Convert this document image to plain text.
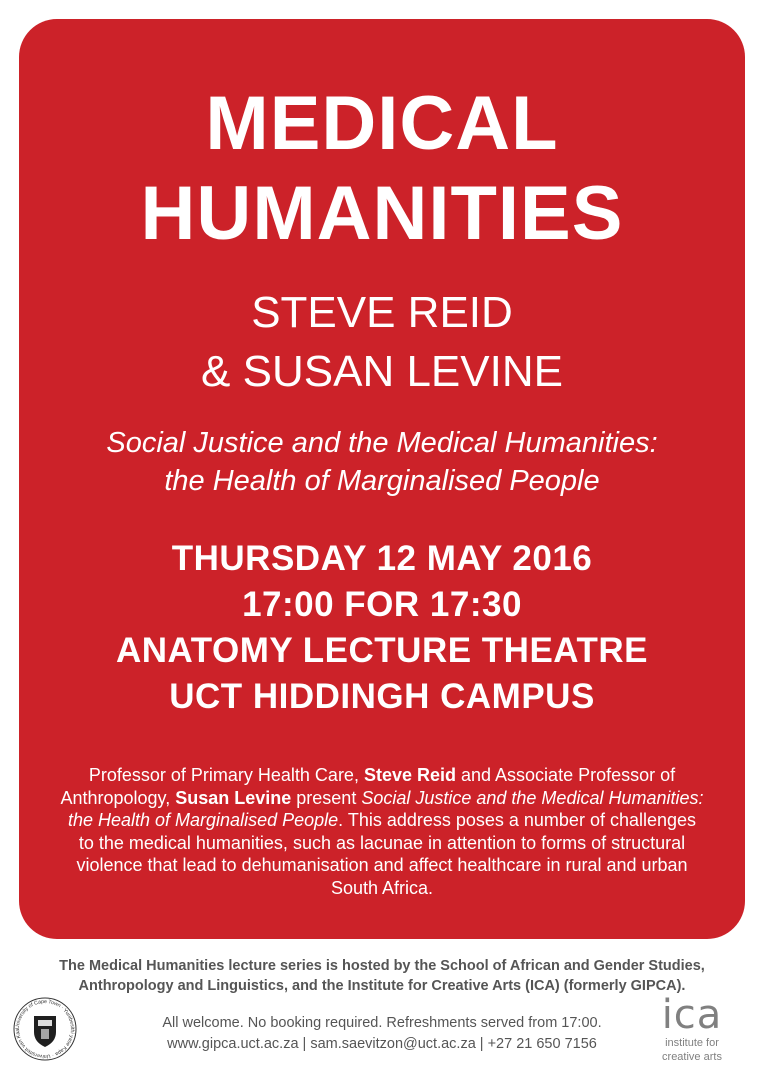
MEDICAL
HUMANITIES
STEVE REID
& SUSAN LEVINE
Social Justice and the Medical Humanities:
the Health of Marginalised People
THURSDAY 12 MAY 2016
17:00 FOR 17:30
ANATOMY LECTURE THEATRE
UCT HIDDINGH CAMPUS
Professor of Primary Health Care, Steve Reid and Associate Professor of Anthropology, Susan Levine present Social Justice and the Medical Humanities: the Health of Marginalised People. This address poses a number of challenges to the medical humanities, such as lacunae in attention to forms of structural violence that lead to dehumanisation and affect healthcare in rural and urban South Africa.
The Medical Humanities lecture series is hosted by the School of African and Gender Studies,
Anthropology and Linguistics, and the Institute for Creative Arts (ICA) (formerly GIPCA).
University of Cape Town · Yunibesithi yase Kapa · Universiteit van Kaa	All welcome. No booking required. Refreshments served from 17:00.
www.gipca.uct.ac.za | sam.saevitzon@uct.ac.za | +27 21 650 7156
ica
institute for
creative arts
